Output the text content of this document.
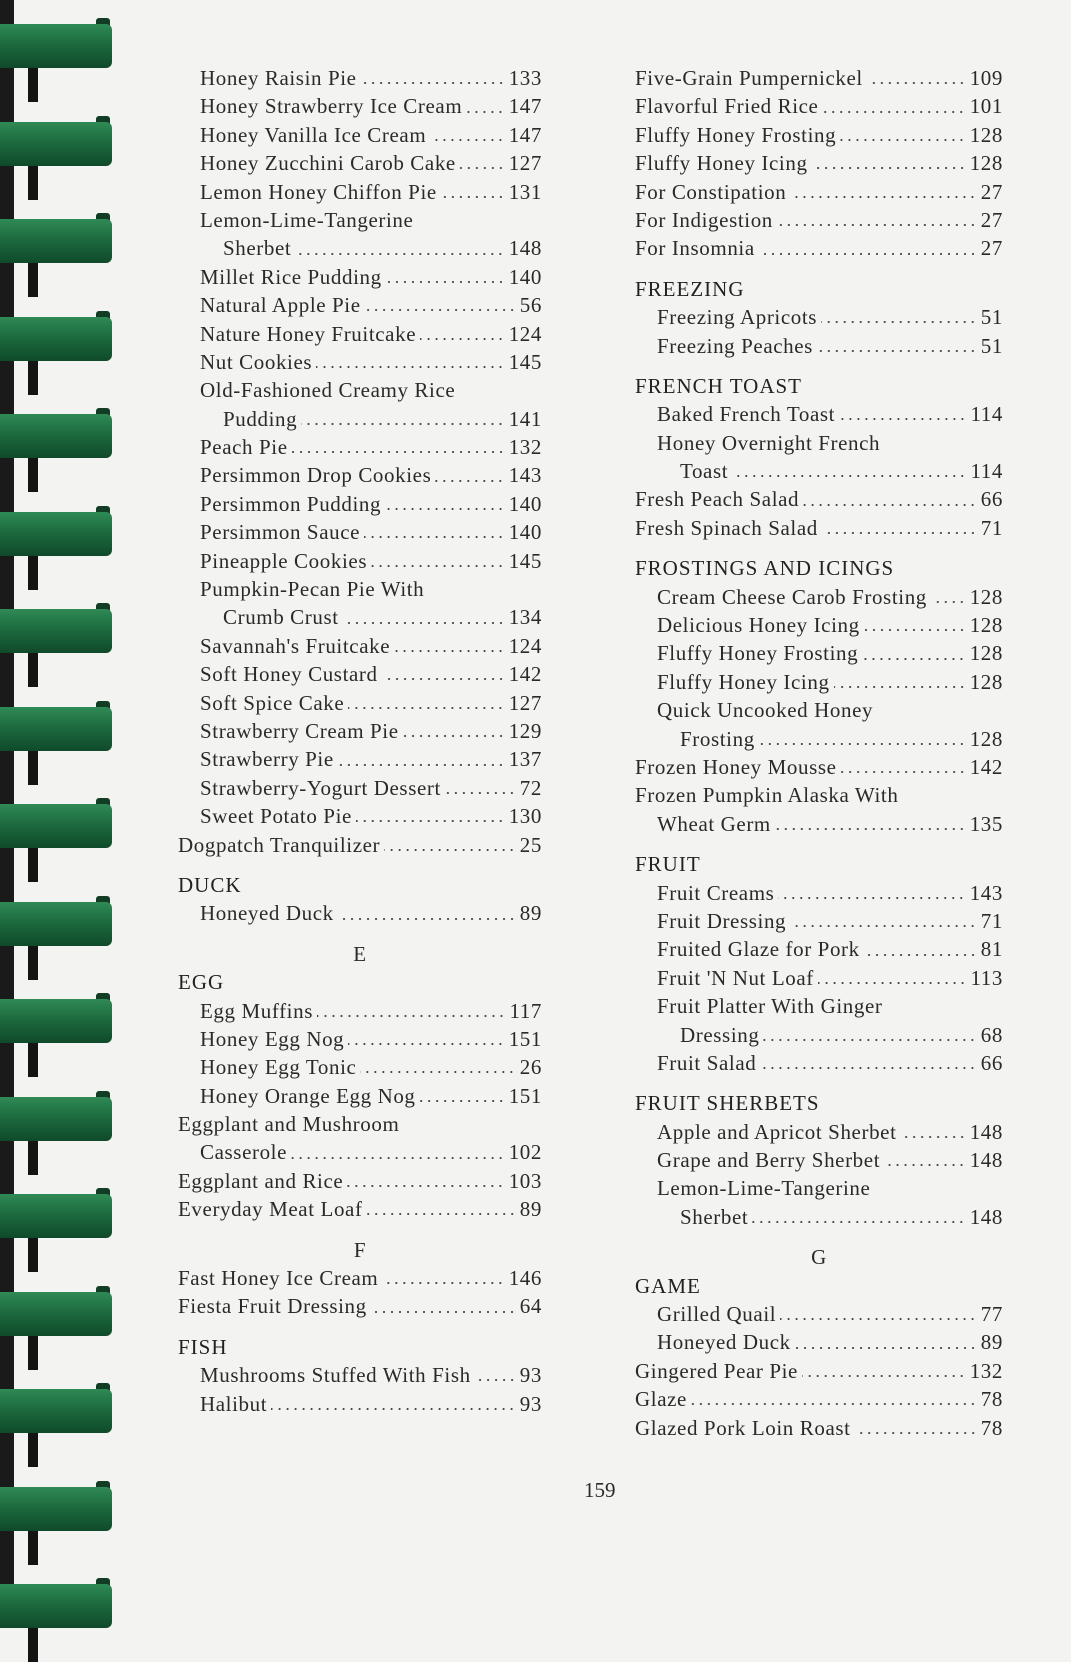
Honey Raisin Pie	133
Honey Strawberry Ice Cream 147
Honey Vanilla Ice Cream	147
Honey Zucchini Carob Cake	127
Lemon Honey Chiffon Pie	131
Lemon-Lime-Tangerine
Sherbet	148
Millet Rice Pudding	140
Natural Apple Pie	56
Nature Honey Fruitcake	124
Nut Cookies	145
Old-Fashioned Creamy Rice
Pudding	141
Peach Pie	132
Persimmon Drop Cookies	143
Persimmon Pudding	140
Persimmon Sauce	140
Pineapple Cookies	145
Pumpkin-Pecan Pie With
Crumb Crust	134
Savannah's Fruitcake	124
Soft Honey Custard	142
Soft Spice Cake	127
Strawberry Cream Pie	129
Strawberry Pie	137
Strawberry-Yogurt Dessert	72
Sweet Potato Pie	130
Dogpatch Tranquilizer	25
DUCK
Honeyed Duck	89
E
EGG
Egg Muffins	117
Honey Egg Nog	151
Honey Egg Tonic	26
Honey Orange Egg Nog	151
Eggplant and Mushroom
Casserole	102
Eggplant and Rice	103
Everyday Meat Loaf	89
F
Fast Honey Ice Cream	146
Fiesta Fruit Dressing	64
FISH
Mushrooms Stuffed With Fish 93
Halibut	93
Five-Grain Pumpernickel	109
Flavorful Fried Rice	101
Fluffy Honey Frosting	128
Fluffy Honey Icing	128
For Constipation	27
For Indigestion	27
For Insomnia	27
FREEZING
Freezing Apricots	51
Freezing Peaches	51
FRENCH TOAST
Baked French Toast	114
Honey Overnight French
Toast	114
Fresh Peach Salad	66
Fresh Spinach Salad	71
FROSTINGS AND ICINGS
Cream Cheese Carob Frosting 128
Delicious Honey Icing	128
Fluffy Honey Frosting	128
Fluffy Honey Icing	128
Quick Uncooked Honey
Frosting	128
Frozen Honey Mousse	142
Frozen Pumpkin Alaska With
Wheat Germ	135
FRUIT
Fruit Creams	143
Fruit Dressing	71
Fruited Glaze for Pork	81
Fruit 'N Nut Loaf	113
Fruit Platter With Ginger
Dressing	68
Fruit Salad	66
FRUIT SHERBETS
Apple and Apricot Sherbet	148
Grape and Berry Sherbet	148
Lemon-Lime-Tangerine
Sherbet	148
G
GAME
Grilled Quail	77
Honeyed Duck	89
Gingered Pear Pie	132
Glaze	78
Glazed Pork Loin Roast	78
159
